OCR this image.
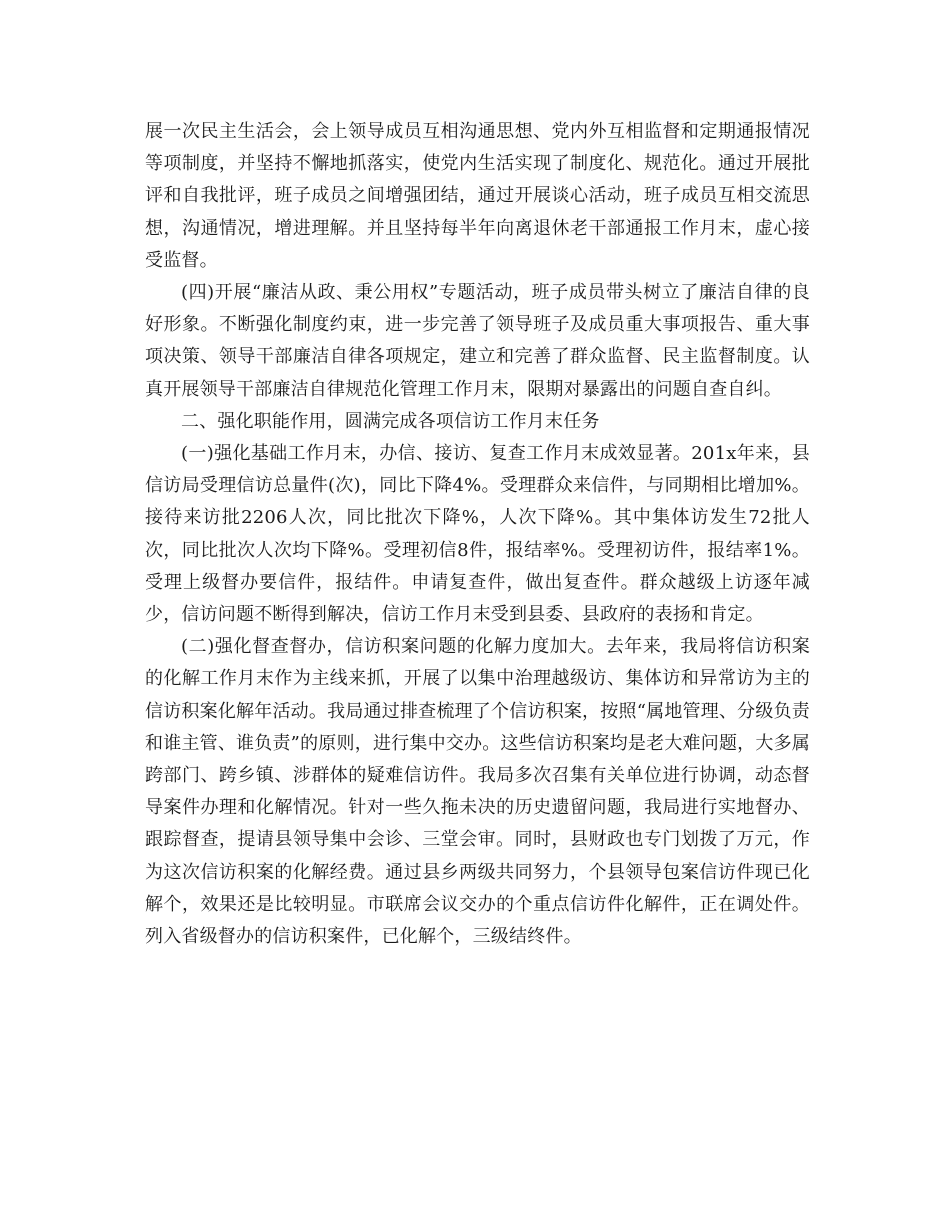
展一次民主生活会，会上领导成员互相沟通思想、党内外互相监督和定期通报情况等项制度，并坚持不懈地抓落实，使党内生活实现了制度化、规范化。通过开展批评和自我批评，班子成员之间增强团结，通过开展谈心活动，班子成员互相交流思想，沟通情况，增进理解。并且坚持每半年向离退休老干部通报工作月末，虚心接受监督。

(四)开展“廉洁从政、秉公用权”专题活动，班子成员带头树立了廉洁自律的良好形象。不断强化制度约束，进一步完善了领导班子及成员重大事项报告、重大事项决策、领导干部廉洁自律各项规定，建立和完善了群众监督、民主监督制度。认真开展领导干部廉洁自律规范化管理工作月末，限期对暴露出的问题自查自纠。

二、强化职能作用，圆满完成各项信访工作月末任务

(一)强化基础工作月末，办信、接访、复查工作月末成效显著。201x年来，县信访局受理信访总量件(次)，同比下降4%。受理群众来信件，与同期相比增加%。接待来访批2206人次，同比批次下降%，人次下降%。其中集体访发生72批人次，同比批次人次均下降%。受理初信8件，报结率%。受理初访件，报结率1%。受理上级督办要信件，报结件。申请复查件，做出复查件。群众越级上访逐年减少，信访问题不断得到解决，信访工作月末受到县委、县政府的表扬和肯定。

(二)强化督查督办，信访积案问题的化解力度加大。去年来，我局将信访积案的化解工作月末作为主线来抓，开展了以集中治理越级访、集体访和异常访为主的信访积案化解年活动。我局通过排查梳理了个信访积案，按照“属地管理、分级负责和谁主管、谁负责”的原则，进行集中交办。这些信访积案均是老大难问题，大多属跨部门、跨乡镇、涉群体的疑难信访件。我局多次召集有关单位进行协调，动态督导案件办理和化解情况。针对一些久拖未决的历史遗留问题，我局进行实地督办、跟踪督查，提请县领导集中会诊、三堂会审。同时，县财政也专门划拨了万元，作为这次信访积案的化解经费。通过县乡两级共同努力，个县领导包案信访件现已化解个，效果还是比较明显。市联席会议交办的个重点信访件化解件，正在调处件。列入省级督办的信访积案件，已化解个，三级结终件。
